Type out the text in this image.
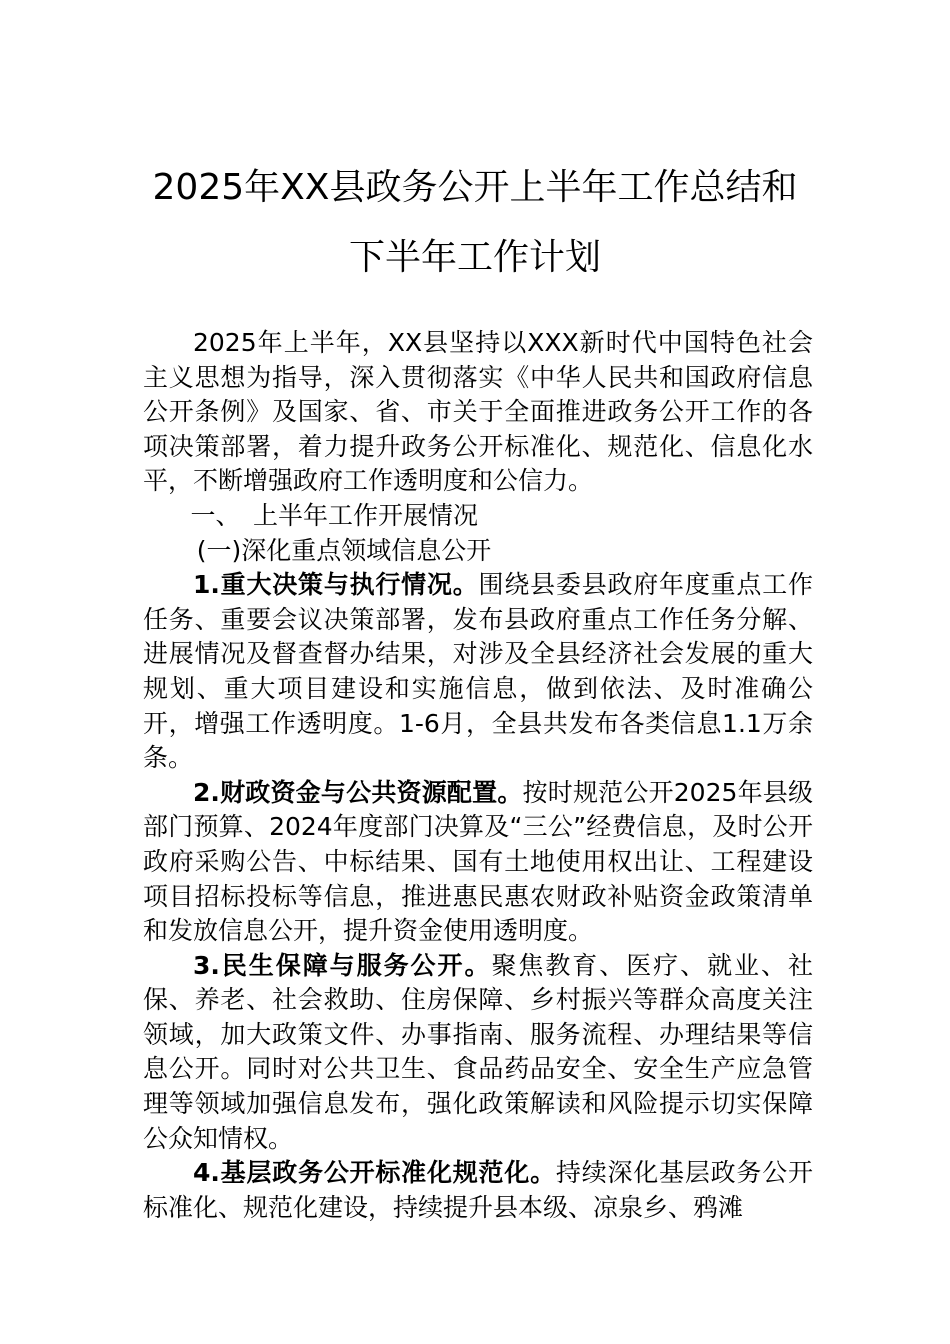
2025年XX县政务公开上半年工作总结和
下半年工作计划

2025年上半年，XX县坚持以XXX新时代中国特色社会主义思想为指导，深入贯彻落实《中华人民共和国政府信息公开条例》及国家、省、市关于全面推进政务公开工作的各项决策部署，着力提升政务公开标准化、规范化、信息化水平，不断增强政府工作透明度和公信力。

一、　上半年工作开展情况

(一)深化重点领域信息公开

1.重大决策与执行情况。围绕县委县政府年度重点工作任务、重要会议决策部署，发布县政府重点工作任务分解、进展情况及督查督办结果，对涉及全县经济社会发展的重大规划、重大项目建设和实施信息，做到依法、及时准确公开，增强工作透明度。1-6月，全县共发布各类信息1.1万余条。

2.财政资金与公共资源配置。按时规范公开2025年县级部门预算、2024年度部门决算及“三公”经费信息，及时公开政府采购公告、中标结果、国有土地使用权出让、工程建设项目招标投标等信息，推进惠民惠农财政补贴资金政策清单和发放信息公开，提升资金使用透明度。

3.民生保障与服务公开。聚焦教育、医疗、就业、社保、养老、社会救助、住房保障、乡村振兴等群众高度关注领域，加大政策文件、办事指南、服务流程、办理结果等信息公开。同时对公共卫生、食品药品安全、安全生产应急管理等领域加强信息发布，强化政策解读和风险提示切实保障公众知情权。

4.基层政务公开标准化规范化。持续深化基层政务公开标准化、规范化建设，持续提升县本级、凉泉乡、鸦滩
